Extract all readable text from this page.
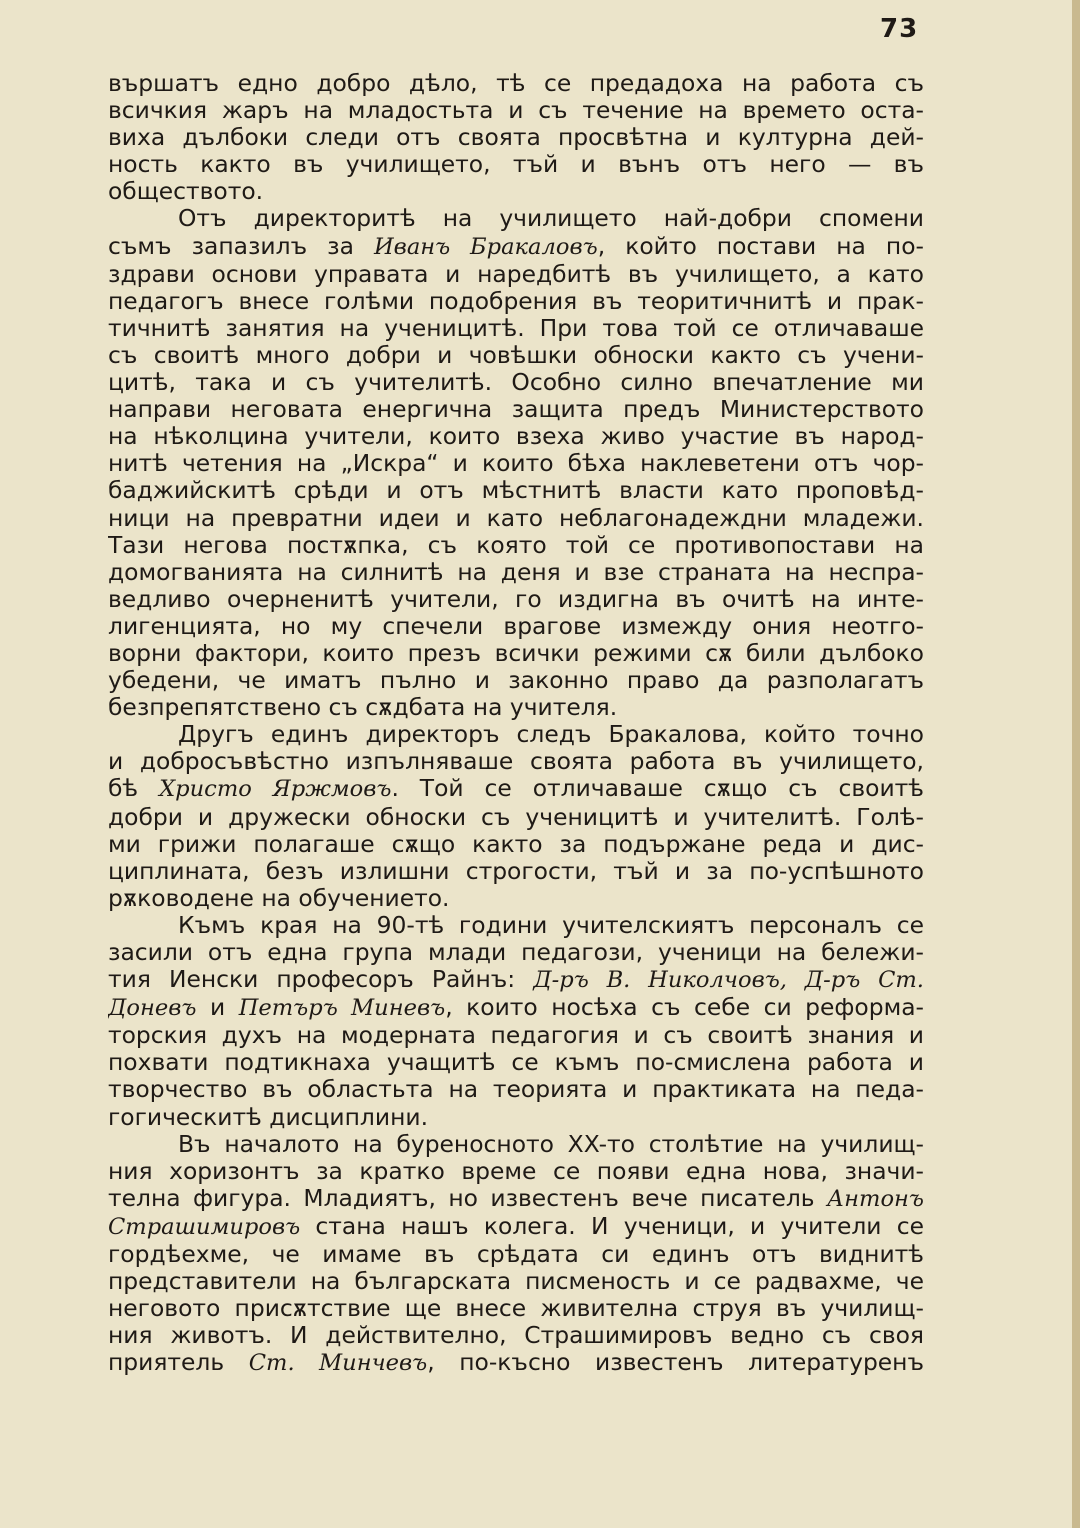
73
вършатъ едно добро дѣло, тѣ се предадоха на работа съ
всичкия жаръ на младостьта и съ течение на времето оста-
виха дълбоки следи отъ своята просвѣтна и културна дей-
ность както въ училището, тъй и вънъ отъ него — въ
обществото.
Отъ директоритѣ на училището най-добри спомени
съмъ запазилъ за Иванъ Бракаловъ, който постави на по-
здрави основи управата и наредбитѣ въ училището, а като
педагогъ внесе голѣми подобрения въ теоритичнитѣ и прак-
тичнитѣ занятия на ученицитѣ. При това той се отличаваше
съ своитѣ много добри и човѣшки обноски както съ учени-
цитѣ, така и съ учителитѣ. Особно силно впечатление ми
направи неговата енергична защита предъ Министерството
на нѣколцина учители, които взеха живо участие въ народ-
нитѣ четения на „Искра“ и които бѣха наклеветени отъ чор-
баджийскитѣ срѣди и отъ мѣстнитѣ власти като проповѣд-
ници на превратни идеи и като неблагонадеждни младежи.
Тази негова постѫпка, съ която той се противопостави на
домогванията на силнитѣ на деня и взе страната на неспра-
ведливо очерненитѣ учители, го издигна въ очитѣ на инте-
лигенцията, но му спечели врагове измежду ония неотго-
ворни фактори, които презъ всички режими сѫ били дълбоко
убедени, че иматъ пълно и законно право да разполагатъ
безпрепятствено съ сѫдбата на учителя.
Другъ единъ директоръ следъ Бракалова, който точно
и добросъвѣстно изпълняваше своята работа въ училището,
бѣ Христо Яржмовъ. Той се отличаваше сѫщо съ своитѣ
добри и дружески обноски съ ученицитѣ и учителитѣ. Голѣ-
ми грижи полагаше сѫщо както за подържане реда и дис-
циплината, безъ излишни строгости, тъй и за по-успѣшното
рѫководене на обучението.
Къмъ края на 90-тѣ години учителскиятъ персоналъ се
засили отъ една група млади педагози, ученици на бележи-
тия Иенски професоръ Райнъ: Д-ръ В. Николчовъ, Д-ръ Ст.
Доневъ и Петъръ Миневъ, които носѣха съ себе си реформа-
торския духъ на модерната педагогия и съ своитѣ знания и
похвати подтикнаха учащитѣ се къмъ по-смислена работа и
творчество въ областьта на теорията и практиката на педа-
гогическитѣ дисциплини.
Въ началото на буреносното XX-то столѣтие на училищ-
ния хоризонтъ за кратко време се появи една нова, значи-
телна фигура. Младиятъ, но известенъ вече писатель Антонъ
Страшимировъ стана нашъ колега. И ученици, и учители се
гордѣехме, че имаме въ срѣдата си единъ отъ виднитѣ
представители на българската писменость и се радвахме, че
неговото присѫтствие ще внесе живителна струя въ училищ-
ния животъ. И действително, Страшимировъ ведно съ своя
приятель Ст. Минчевъ, по-късно известенъ литературенъ
